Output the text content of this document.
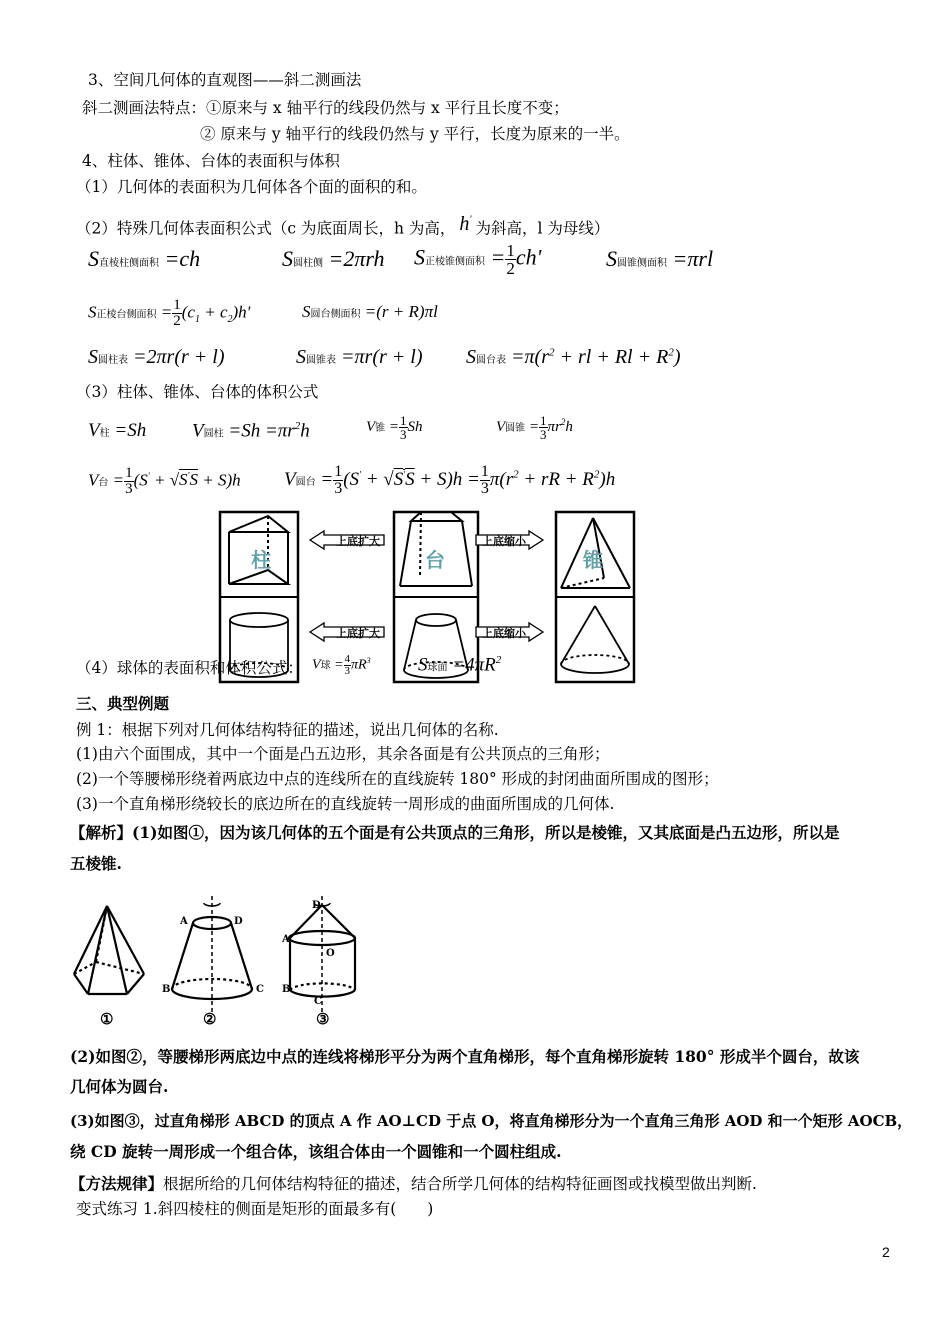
3、空间几何体的直观图——斜二测画法
斜二测画法特点：①原来与 x 轴平行的线段仍然与 x 平行且长度不变；
② 原来与 y 轴平行的线段仍然与 y 平行，长度为原来的一半。
4、柱体、锥体、台体的表面积与体积
（1）几何体的表面积为几何体各个面的面积的和。
（2）特殊几何体表面积公式（c 为底面周长，h 为高， h'为斜高，l 为母线）
S直棱柱侧面积 =ch	S圆柱侧 =2πrh S正棱锥侧面积 = $\frac{1}{2} ch'$	S圆锥侧面积 =πrl
S正棱台侧面积 = $\frac{1}{2} (c_1 + c_2)h'$	S圆台侧面积 =(r + R)πl
S圆柱表 =2πr(r + l)	S圆锥表 =πr(r + l) S圆台表 $=\pi(r^2$ + rl + $Rl + R^2$)
（3）柱体、锥体、台体的体积公式
V柱 =Sh V圆柱 $=Sh =\pi r^2h$	V锥 = $\frac{1}{3}$ Sh	V圆锥 = $\frac{1}{3} \pi r^2h$
V台 = $\frac{1}{3} (S' + √S'S + S)h$ V圆台 = $\frac{1}{3} (S' + √S'S + S)h = \frac{1}{3} \pi(r^2$ + rR + $R^2)h$
柱	台	锥
上底扩大	上底缩小
上底扩大	上底缩小
（4）球体的表面积和体积公式： V球 = $\frac{4}{3} \pi R^3$ S球面 $=4\pi R^2$
三、典型例题
例 1：根据下列对几何体结构特征的描述，说出几何体的名称.
(1)由六个面围成，其中一个面是凸五边形，其余各面是有公共顶点的三角形；
(2)一个等腰梯形绕着两底边中点的连线所在的直线旋转 180° 形成的封闭曲面所围成的图形；
(3)一个直角梯形绕较长的底边所在的直线旋转一周形成的曲面所围成的几何体.
【解析】(1)如图①，因为该几何体的五个面是有公共顶点的三角形，所以是棱锥，又其底面是凸五边形，所以是
五棱锥.
A	D
B	C
D
A
O
B
C
①	②	③
(2)如图②，等腰梯形两底边中点的连线将梯形平分为两个直角梯形，每个直角梯形旋转 180° 形成半个圆台，故该
几何体为圆台.
(3)如图③，过直角梯形 ABCD 的顶点 A 作 AO⊥CD 于点 O，将直角梯形分为一个直角三角形 AOD 和一个矩形 AOCB，
绕 CD 旋转一周形成一个组合体，该组合体由一个圆锥和一个圆柱组成.
【方法规律】根据所给的几何体结构特征的描述，结合所学几何体的结构特征画图或找模型做出判断.
变式练习 1.斜四棱柱的侧面是矩形的面最多有(　　)
2
